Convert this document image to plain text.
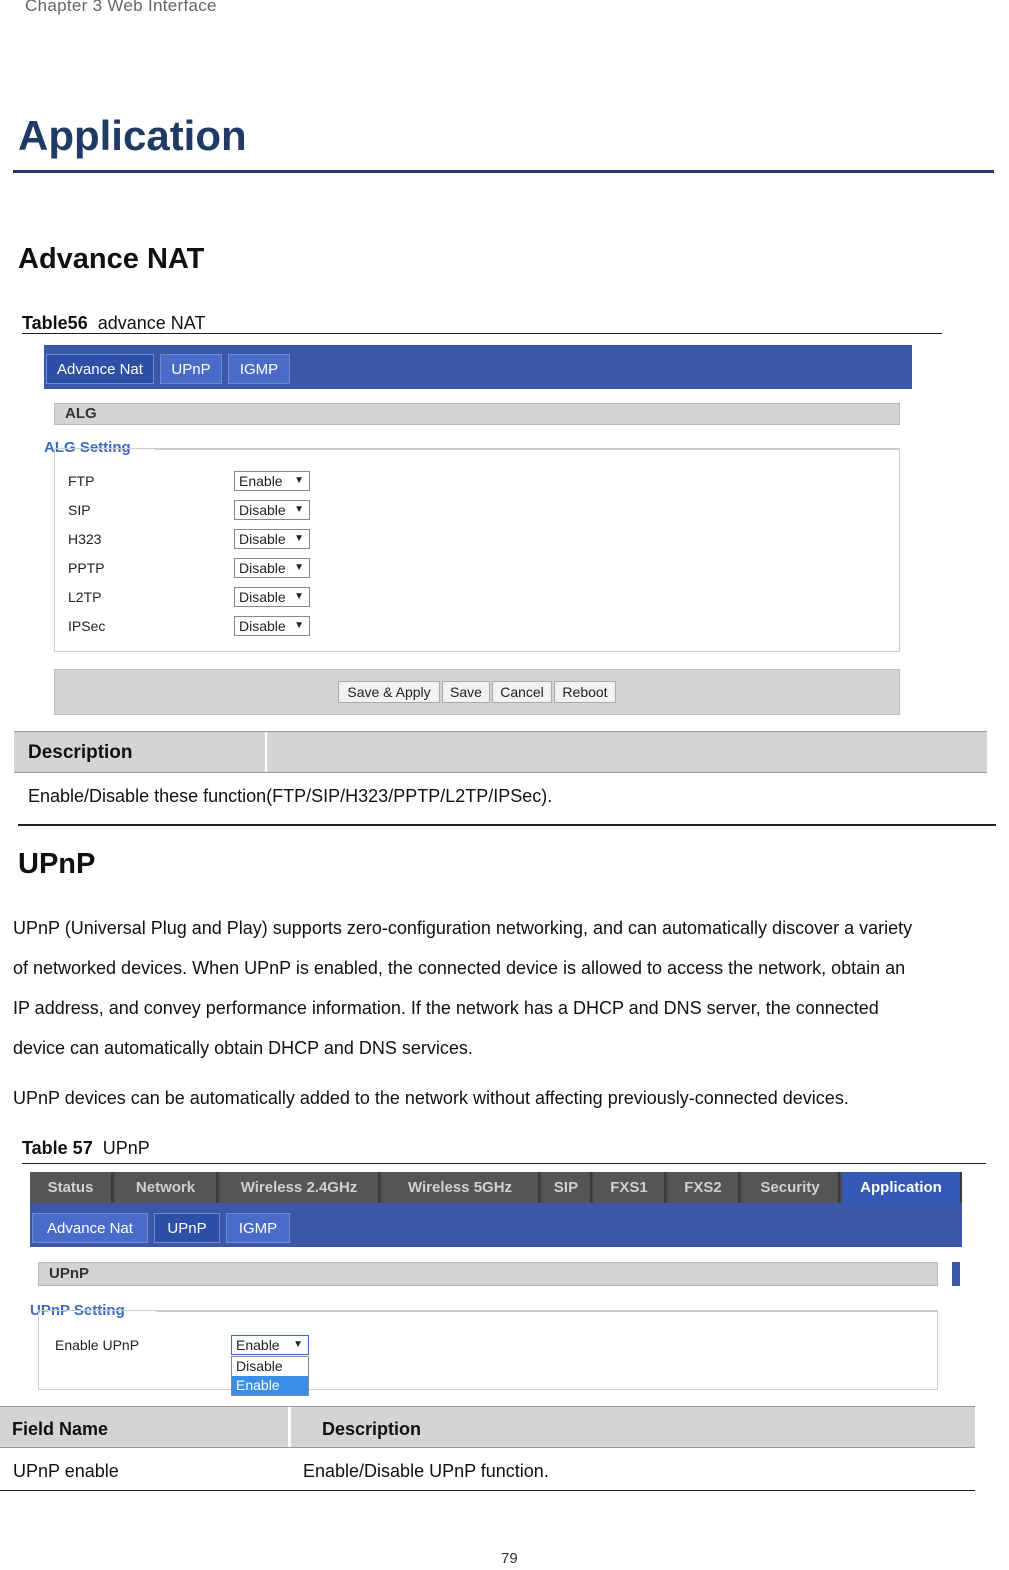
Chapter 3 Web Interface
Application
Advance NAT
Table56 advance NAT
Advance Nat	UPnP	IGMP
ALG
ALG Setting
FTP	Enable ▼
SIP	Disable ▼
H323	Disable ▼
PPTP	Disable ▼
L2TP	Disable ▼
IPSec	Disable ▼
Save & Apply	Save	Cancel	Reboot
Description
Enable/Disable these function(FTP/SIP/H323/PPTP/L2TP/IPSec).
UPnP
UPnP (Universal Plug and Play) supports zero-configuration networking, and can automatically discover a variety
of networked devices. When UPnP is enabled, the connected device is allowed to access the network, obtain an
IP address, and convey performance information. If the network has a DHCP and DNS server, the connected
device can automatically obtain DHCP and DNS services.
UPnP devices can be automatically added to the network without affecting previously-connected devices.
Table 57 UPnP
Status	Network	Wireless 2.4GHz	Wireless 5GHz	SIP	FXS1	FXS2	Security	Application
Advance Nat	UPnP	IGMP
UPnP
UPnP Setting
Enable UPnP	Enable ▼
Disable
Enable
Field Name	Description
UPnP enable	Enable/Disable UPnP function.
79
